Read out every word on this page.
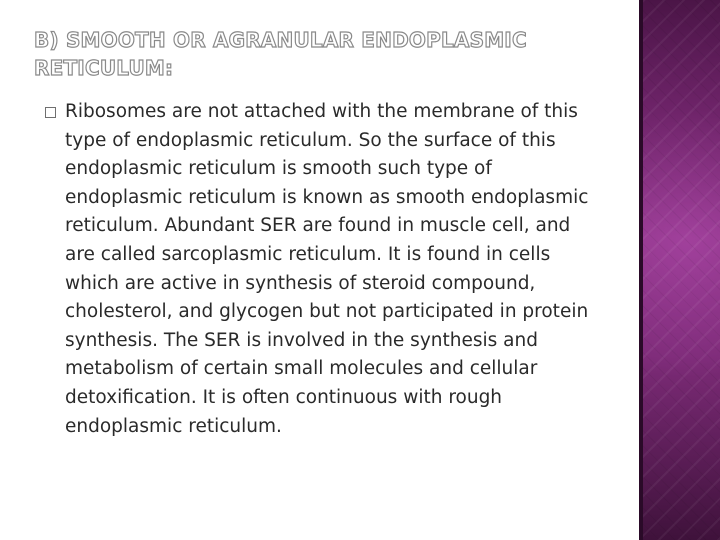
B) SMOOTH OR AGRANULAR ENDOPLASMIC RETICULUM:
Ribosomes are not attached with the membrane of this type of endoplasmic reticulum. So the surface of this endoplasmic reticulum is smooth such type of endoplasmic reticulum is known as smooth endoplasmic reticulum. Abundant SER are found in muscle cell, and are called sarcoplasmic reticulum. It is found in cells which are active in synthesis of steroid compound, cholesterol, and glycogen but not participated in protein synthesis. The SER is involved in the synthesis and metabolism of certain small molecules and cellular detoxification. It is often continuous with rough endoplasmic reticulum.
